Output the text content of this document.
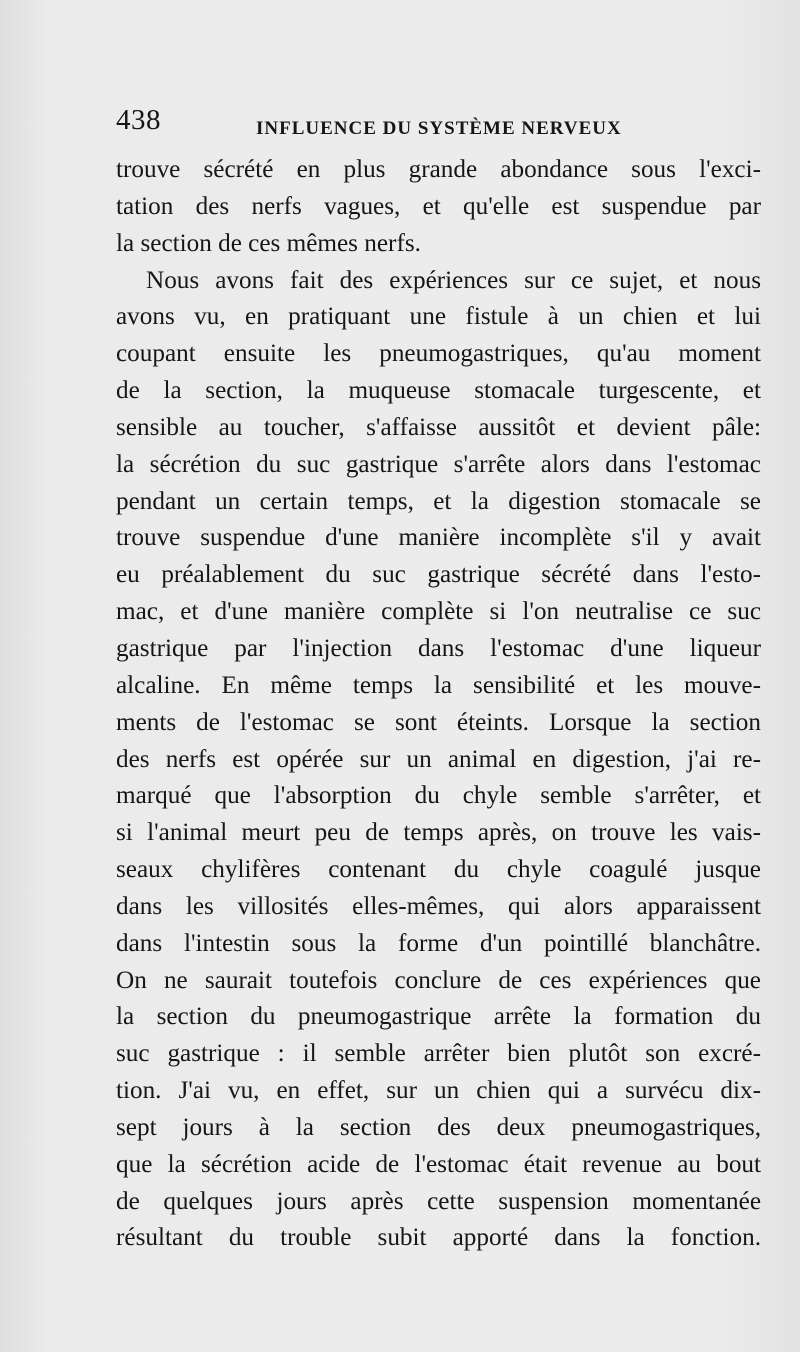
438	INFLUENCE DU SYSTÈME NERVEUX
trouve sécrété en plus grande abondance sous l'exci-
tation des nerfs vagues, et qu'elle est suspendue par
la section de ces mêmes nerfs.
Nous avons fait des expériences sur ce sujet, et nous
avons vu, en pratiquant une fistule à un chien et lui
coupant ensuite les pneumogastriques, qu'au moment
de la section, la muqueuse stomacale turgescente, et
sensible au toucher, s'affaisse aussitôt et devient pâle:
la sécrétion du suc gastrique s'arrête alors dans l'estomac
pendant un certain temps, et la digestion stomacale se
trouve suspendue d'une manière incomplète s'il y avait
eu préalablement du suc gastrique sécrété dans l'esto-
mac, et d'une manière complète si l'on neutralise ce suc
gastrique par l'injection dans l'estomac d'une liqueur
alcaline. En même temps la sensibilité et les mouve-
ments de l'estomac se sont éteints. Lorsque la section
des nerfs est opérée sur un animal en digestion, j'ai re-
marqué que l'absorption du chyle semble s'arrêter, et
si l'animal meurt peu de temps après, on trouve les vais-
seaux chylifères contenant du chyle coagulé jusque
dans les villosités elles-mêmes, qui alors apparaissent
dans l'intestin sous la forme d'un pointillé blanchâtre.
On ne saurait toutefois conclure de ces expériences que
la section du pneumogastrique arrête la formation du
suc gastrique : il semble arrêter bien plutôt son excré-
tion. J'ai vu, en effet, sur un chien qui a survécu dix-
sept jours à la section des deux pneumogastriques,
que la sécrétion acide de l'estomac était revenue au bout
de quelques jours après cette suspension momentanée
résultant du trouble subit apporté dans la fonction.
